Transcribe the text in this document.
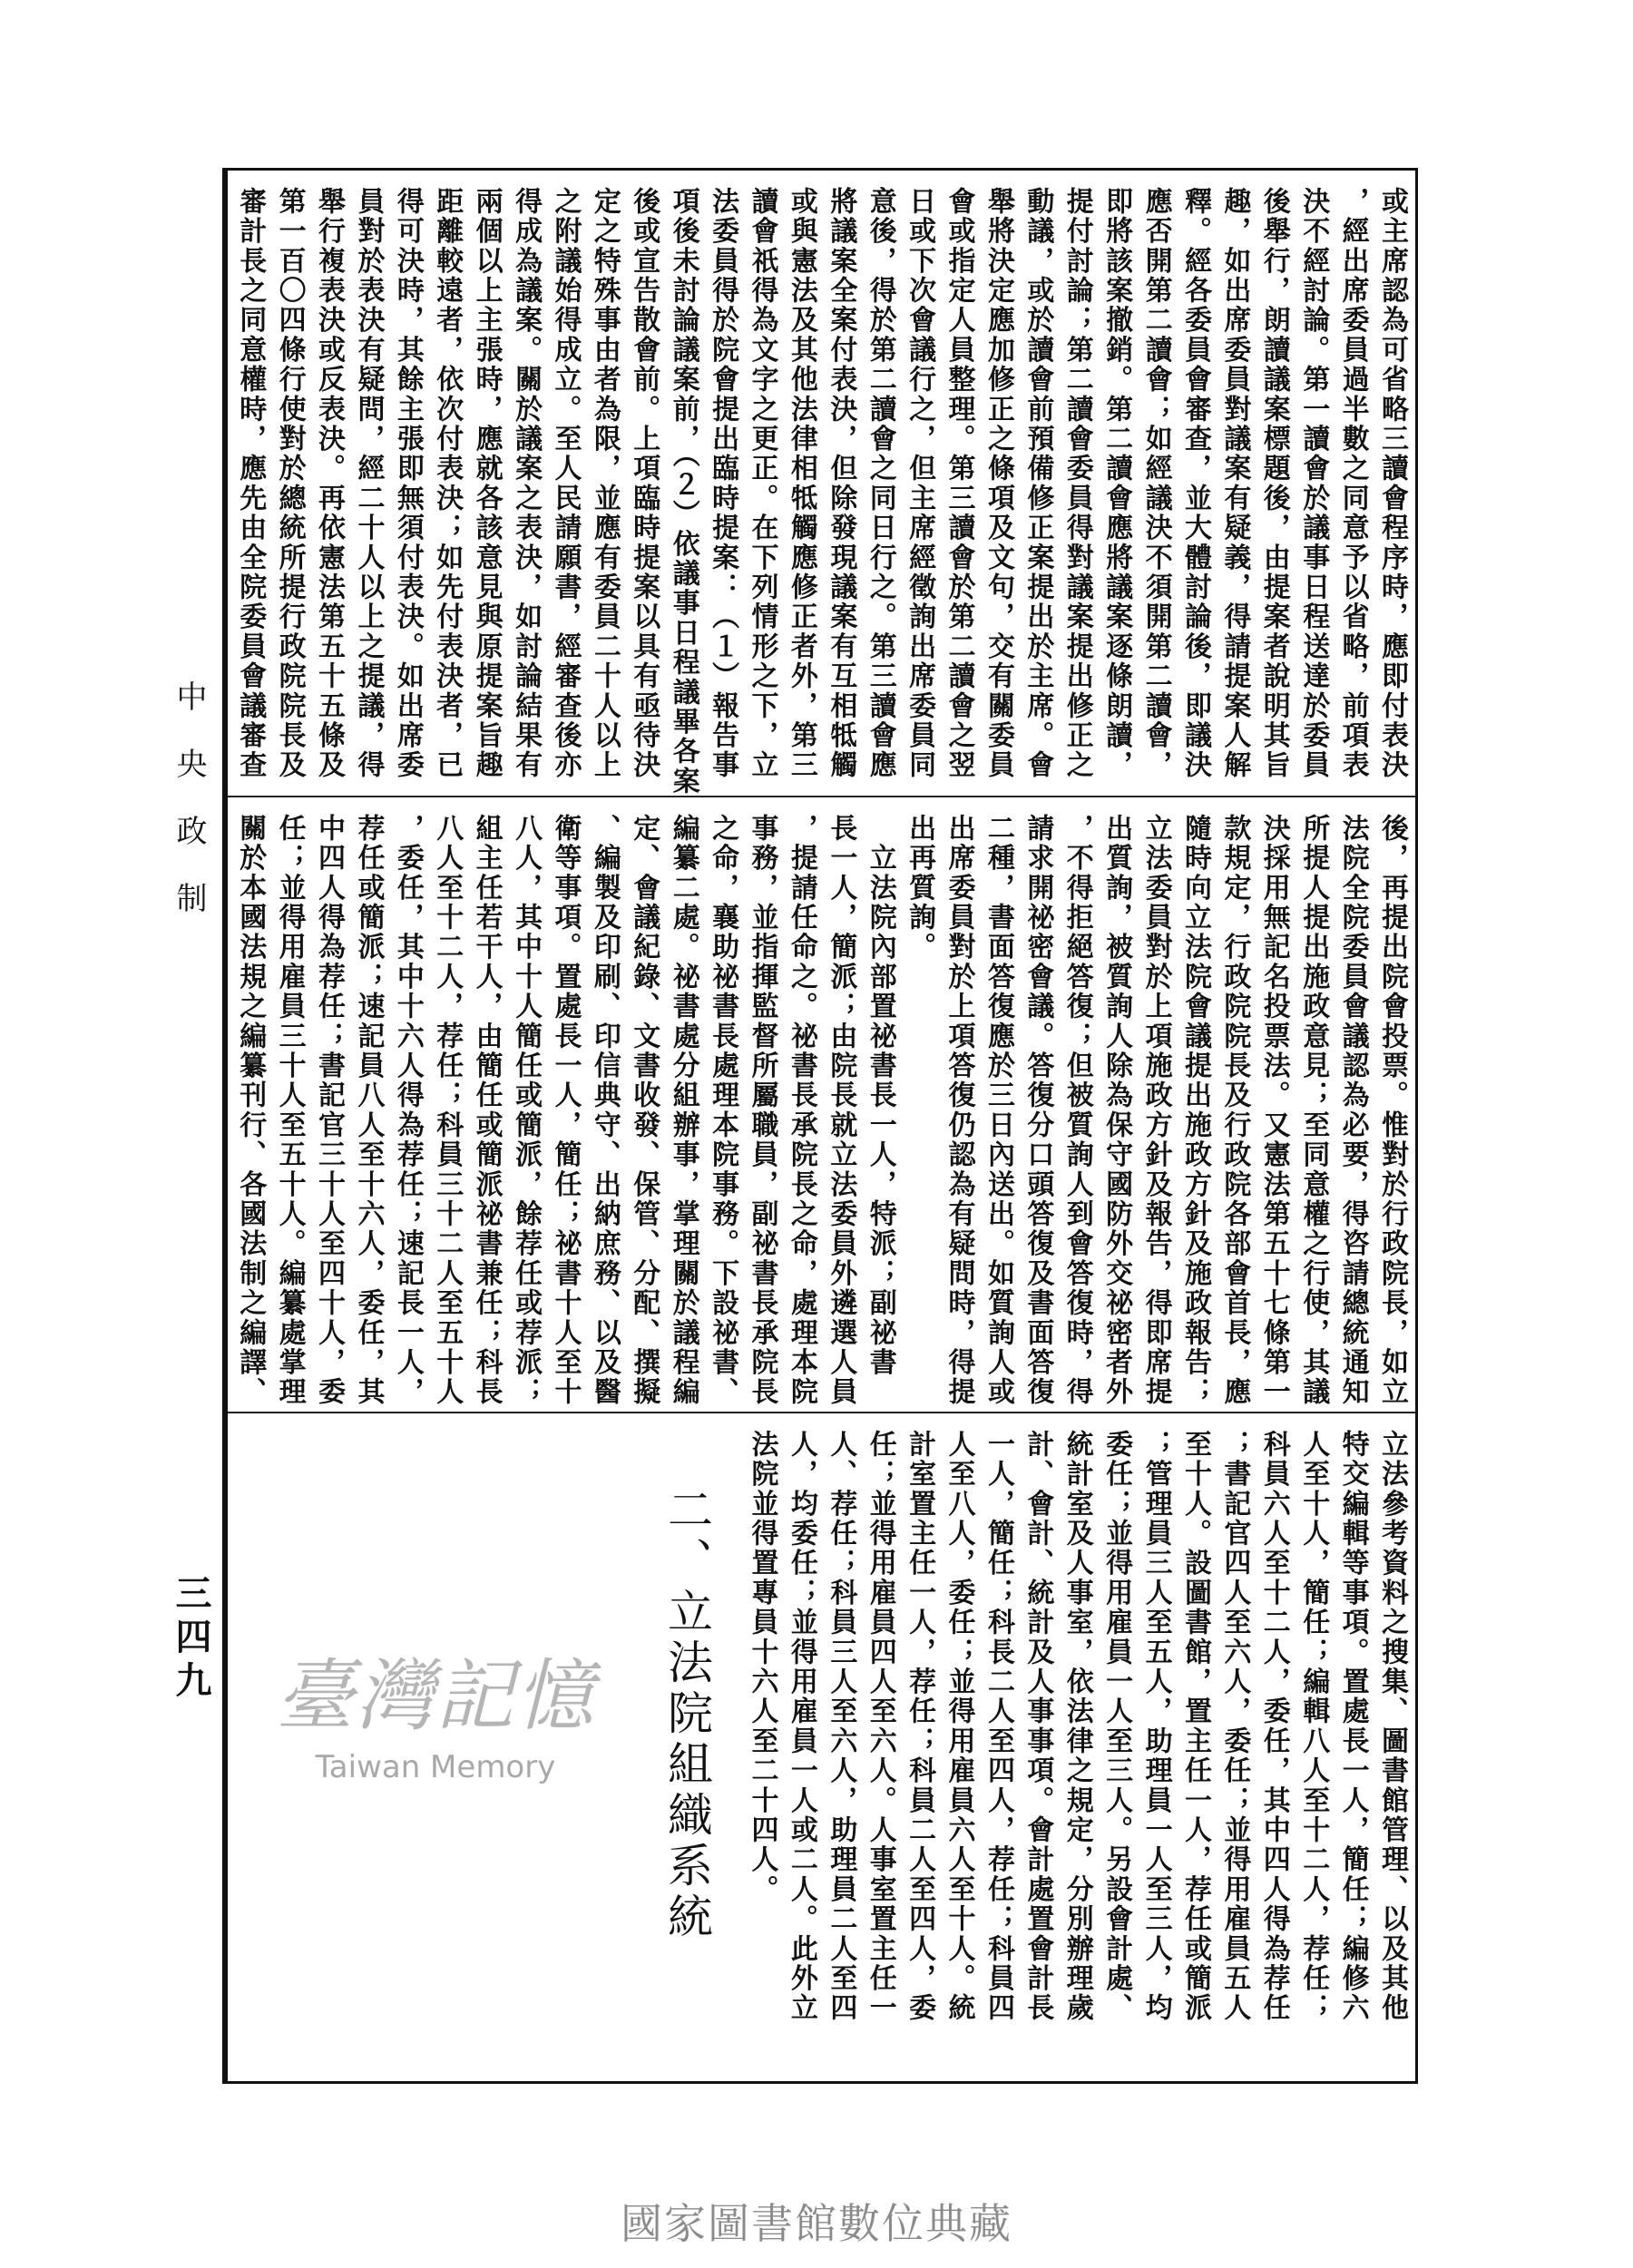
中央政制
三四九
或主席認為可省略三讀會程序時，應即付表決
，經出席委員過半數之同意予以省略，前項表
決不經討論。第一讀會於議事日程送達於委員
後舉行，朗讀議案標題後，由提案者說明其旨
趣，如出席委員對議案有疑義，得請提案人解
釋。經各委員會審查，並大體討論後，即議決
應否開第二讀會；如經議決不須開第二讀會，
即將該案撤銷。第二讀會應將議案逐條朗讀，
提付討論；第二讀會委員得對議案提出修正之
動議，或於讀會前預備修正案提出於主席。會
舉將決定應加修正之條項及文句，交有關委員
會或指定人員整理。第三讀會於第二讀會之翌
日或下次會議行之，但主席經徵詢出席委員同
意後，得於第二讀會之同日行之。第三讀會應
將議案全案付表決，但除發現議案有互相牴觸
或與憲法及其他法律相牴觸應修正者外，第三
讀會祇得為文字之更正。在下列情形之下，立
法委員得於院會提出臨時提案：（１）報告事
項後未討論議案前，（２）依議事日程議畢各案
後或宣告散會前。上項臨時提案以具有亟待決
定之特殊事由者為限，並應有委員二十人以上
之附議始得成立。至人民請願書，經審查後亦
得成為議案。關於議案之表決，如討論結果有
兩個以上主張時，應就各該意見與原提案旨趣
距離較遠者，依次付表決；如先付表決者，已
得可決時，其餘主張即無須付表決。如出席委
員對於表決有疑問，經二十人以上之提議，得
舉行複表決或反表決。再依憲法第五十五條及
第一百〇四條行使對於總統所提行政院院長及
審計長之同意權時，應先由全院委員會議審查
後，再提出院會投票。惟對於行政院長，如立
法院全院委員會議認為必要，得咨請總統通知
所提人提出施政意見；至同意權之行使，其議
決採用無記名投票法。又憲法第五十七條第一
款規定，行政院院長及行政院各部會首長，應
隨時向立法院會議提出施政方針及施政報告；
立法委員對於上項施政方針及報告，得即席提
出質詢，被質詢人除為保守國防外交祕密者外
，不得拒絕答復；但被質詢人到會答復時，得
請求開祕密會議。答復分口頭答復及書面答復
二種，書面答復應於三日內送出。如質詢人或
出席委員對於上項答復仍認為有疑問時，得提
出再質詢。
　立法院內部置祕書長一人，特派；副祕書
長一人，簡派；由院長就立法委員外遴選人員
，提請任命之。祕書長承院長之命，處理本院
事務，並指揮監督所屬職員，副祕書長承院長
之命，襄助祕書長處理本院事務。下設祕書、
編纂二處。祕書處分組辦事，掌理關於議程編
定、會議紀錄、文書收發、保管、分配、撰擬
、編製及印刷、印信典守、出納庶務、以及醫
衛等事項。置處長一人，簡任；祕書十人至十
八人，其中十人簡任或簡派，餘荐任或荐派；
組主任若干人，由簡任或簡派祕書兼任；科長
八人至十二人，荐任；科員三十二人至五十人
，委任，其中十六人得為荐任；速記長一人，
荐任或簡派；速記員八人至十六人，委任，其
中四人得為荐任；書記官三十人至四十人，委
任；並得用雇員三十人至五十人。編纂處掌理
關於本國法規之編纂刊行、各國法制之編譯、
立法參考資料之搜集、圖書館管理、以及其他
特交編輯等事項。置處長一人，簡任；編修六
人至十人，簡任；編輯八人至十二人，荐任；
科員六人至十二人，委任，其中四人得為荐任
；書記官四人至六人，委任；並得用雇員五人
至十人。設圖書館，置主任一人，荐任或簡派
；管理員三人至五人，助理員一人至三人，均
委任；並得用雇員一人至三人。另設會計處、
統計室及人事室，依法律之規定，分別辦理歲
計、會計、統計及人事事項。會計處置會計長
一人，簡任；科長二人至四人，荐任；科員四
人至八人，委任；並得用雇員六人至十人。統
計室置主任一人，荐任；科員二人至四人，委
任；並得用雇員四人至六人。人事室置主任一
人、荐任；科員三人至六人，助理員二人至四
人，均委任；並得用雇員一人或二人。此外立
法院並得置專員十六人至二十四人。
二、立法院組織系統
臺灣記憶
Taiwan Memory
國家圖書館數位典藏
